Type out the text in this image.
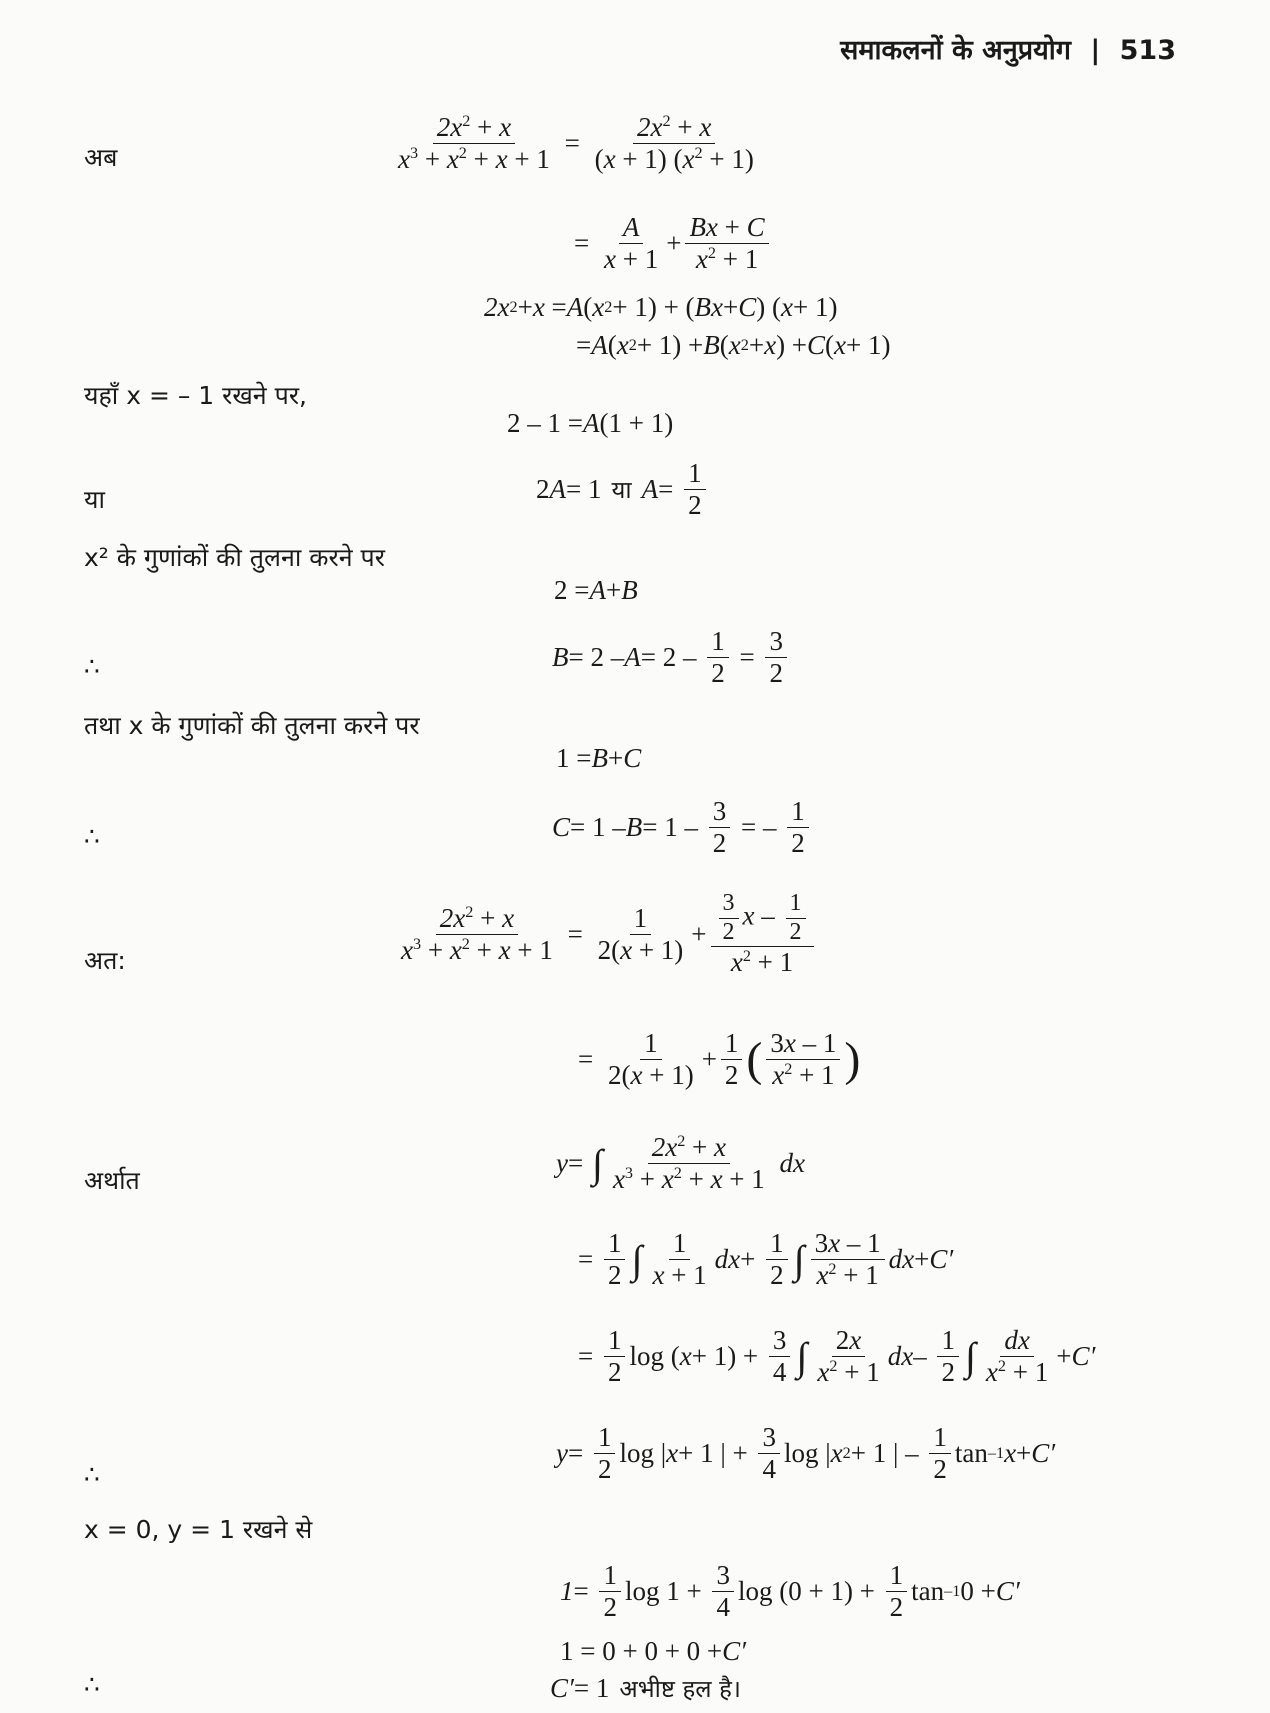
समाकलनों के अनुप्रयोग | 513
अब
$2x^2 + x$
$x^3 + x^2 + x + 1$
=
$2x^2 + x$
(x + 1) $(x^2 + 1)$
=
A
x + 1
+
Bx + C
$x^2 + 1$
2x 2 + x = A ( x 2 + 1) + ( Bx + C ) ( x + 1)
= A ( x 2 + 1) + B ( x 2 + x ) + C ( x + 1)
यहाँ x = – 1 रखने पर,
2 – 1 = A (1 + 1)
या	2 A = 1 या A =
1
2
x² के गुणांकों की तुलना करने पर
2 = A + B
∴	B = 2 – A = 2 –
1
2
=
3
2
तथा x के गुणांकों की तुलना करने पर
1 = B + C
∴	C = 1 – B = 1 –
3
2
= –
1
2
अत:
$2x^2 + x$
$x^3 + x^2 + x + 1$
=
1
2(x + 1)
+ $\frac{3}{2}$ x – $\frac{1}{2}$
$x^2 + 1$
=
1
2(x + 1)
+
1
2 ( 3x – 1
$x^2 + 1$ )
अर्थात
y = ∫ $2x^2 + x$
$x^3 + x^2 + x + 1$

dx
=
1
2 ∫ 1
x + 1
dx +
1
2 ∫ 3x – 1
$x^2 + 1$
dx + C′
=
1
2
log ( x + 1) +
3
4 ∫ 2x
$x^2 + 1$
dx –
1
2 ∫ dx
$x^2 + 1$
+ C′
∴
y =
1
2
log | x + 1 | +
3
4
log | x 2 + 1 | –
1
2
tan –1 x + C′
x = 0, y = 1 रखने से
1 =
1
2
log 1 +
3
4
log (0 + 1) +
1
2
tan –1 0 + C′
1 = 0 + 0 + 0 + C′
∴	C′ = 1 अभीष्ट हल है।
